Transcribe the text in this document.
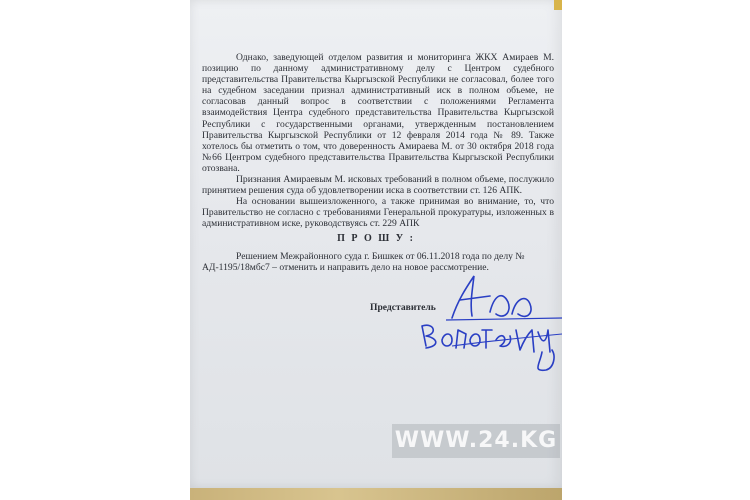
Однако, заведующей отделом развития и мониторинга ЖКХ Амираев М. позицию по данному административному делу с Центром судебного представительства Правительства Кыргызской Республики не согласовал, более того на судебном заседании признал административный иск в полном объеме, не согласовав данный вопрос в соответствии с положениями Регламента взаимодействия Центра судебного представительства Правительства Кыргызской Республики с государственными органами, утвержденным постановлением Правительства Кыргызской Республики от 12 февраля 2014 года № 89. Также хотелось бы отметить о том, что доверенность Амираева М. от 30 октября 2018 года №66 Центром судебного представительства Правительства Кыргызской Республики отозвана.

Признания Амираевым М. исковых требований в полном объеме, послужило принятием решения суда об удовлетворении иска в соответствии ст. 126 АПК.

На основании вышеизложенного, а также принимая во внимание, то, что Правительство не согласно с требованиями Генеральной прокуратуры, изложенных в административном иске, руководствуясь ст. 229 АПК

П Р О Ш У :

Решением Межрайонного суда г. Бишкек от 06.11.2018 года по делу № АД-1195/18мбс7 – отменить и направить дело на новое рассмотрение.

Представитель
WWW.24.KG
